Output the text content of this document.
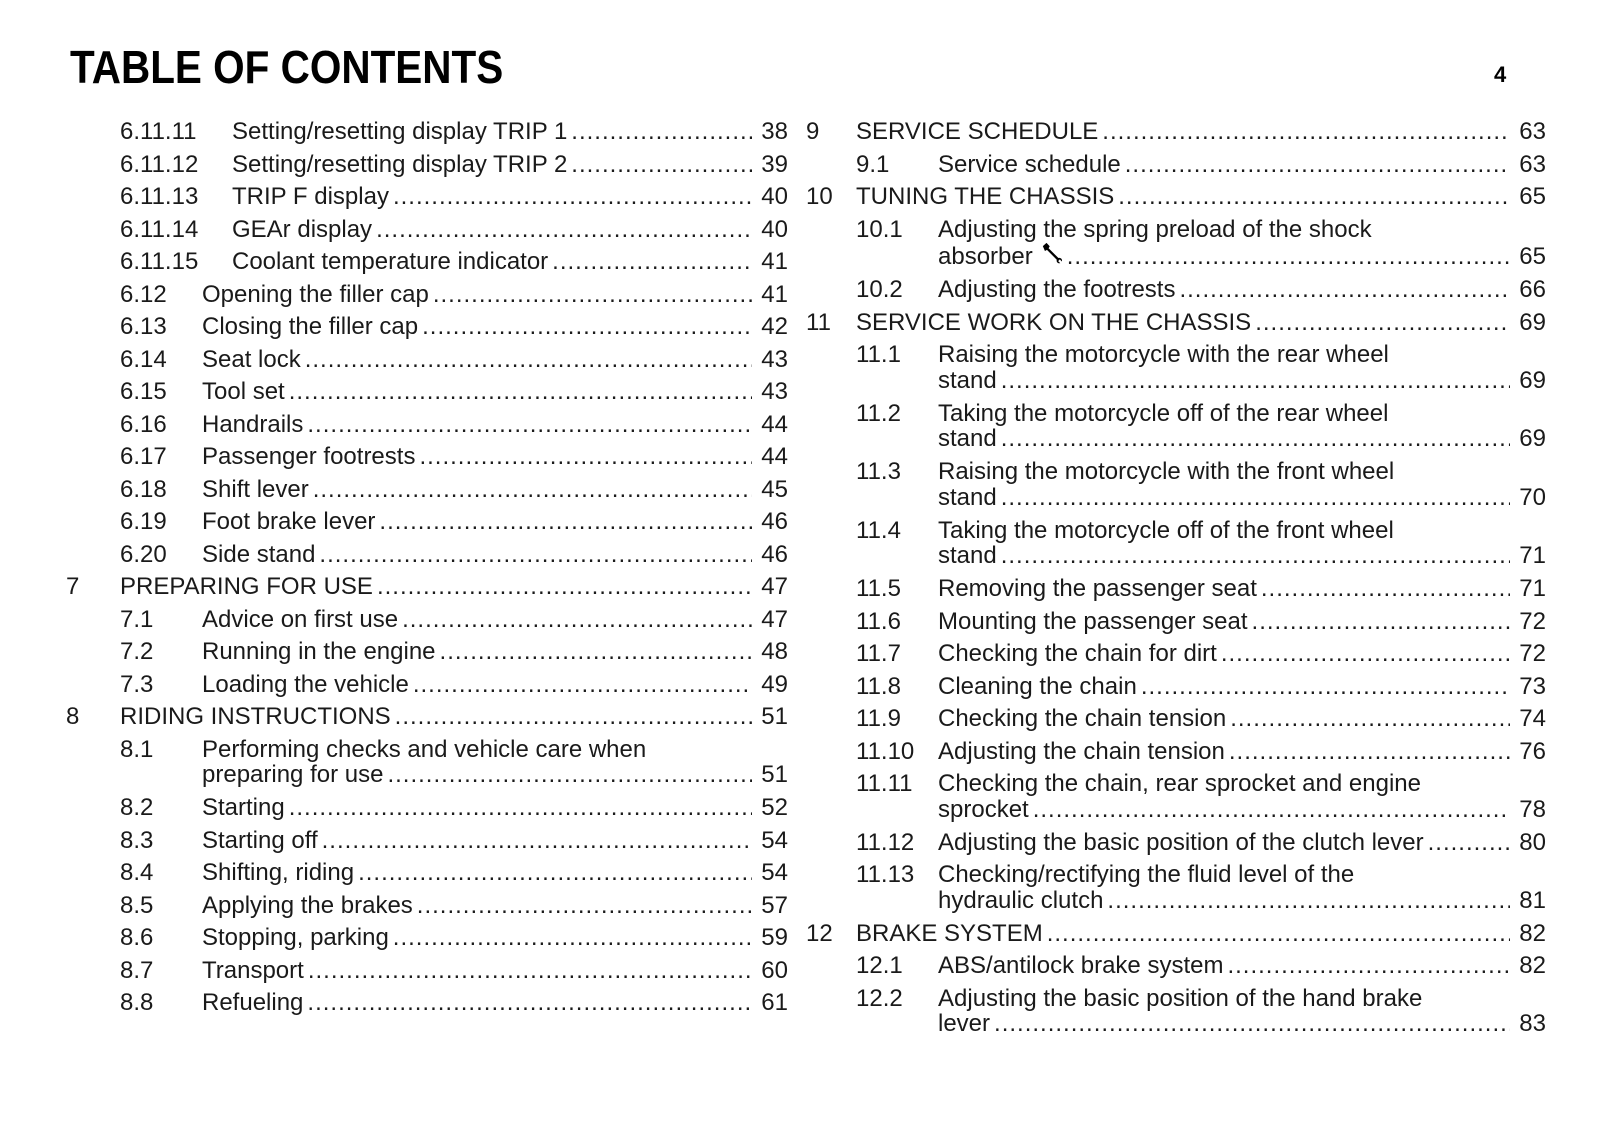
TABLE OF CONTENTS	4
6.11.11 Setting/resetting display TRIP 1 .....	38
6.11.12 Setting/resetting display TRIP 2 .....	39
6.11.13 TRIP F display .....	40
6.11.14 GEAr display .....	40
6.11.15 Coolant temperature indicator .....	41
6.12 Opening the filler cap .....	41
6.13 Closing the filler cap .....	42
6.14 Seat lock .....	43
6.15 Tool set .....	43
6.16 Handrails .....	44
6.17 Passenger footrests .....	44
6.18 Shift lever .....	45
6.19 Foot brake lever .....	46
6.20 Side stand .....	46
7 PREPARING FOR USE .....	47
7.1 Advice on first use .....	47
7.2 Running in the engine .....	48
7.3 Loading the vehicle .....	49
8 RIDING INSTRUCTIONS .....	51
8.1	Performing checks and vehicle care when
preparing for use .....	51
8.2 Starting .....	52
8.3 Starting off .....	54
8.4 Shifting, riding .....	54
8.5 Applying the brakes .....	57
8.6 Stopping, parking .....	59
8.7 Transport .....	60
8.8 Refueling .....	61
9 SERVICE SCHEDULE .....	63
9.1 Service schedule .....	63
10 TUNING THE CHASSIS .....	65
10.1	Adjusting the spring preload of the shock
absorber .....	65
10.2 Adjusting the footrests .....	66
11 SERVICE WORK ON THE CHASSIS .....	69
11.1	Raising the motorcycle with the rear wheel
stand .....	69
11.2	Taking the motorcycle off of the rear wheel
stand .....	69
11.3	Raising the motorcycle with the front wheel
stand .....	70
11.4	Taking the motorcycle off of the front wheel
stand .....	71
11.5 Removing the passenger seat .....	71
11.6 Mounting the passenger seat .....	72
11.7 Checking the chain for dirt .....	72
11.8 Cleaning the chain .....	73
11.9 Checking the chain tension .....	74
11.10 Adjusting the chain tension .....	76
11.11	Checking the chain, rear sprocket and engine
sprocket .....	78
11.12 Adjusting the basic position of the clutch lever .....	80
11.13 Checking/rectifying the fluid level of the
hydraulic clutch .....	81
12 BRAKE SYSTEM .....	82
12.1 ABS/antilock brake system .....	82
12.2	Adjusting the basic position of the hand brake
lever .....	83
